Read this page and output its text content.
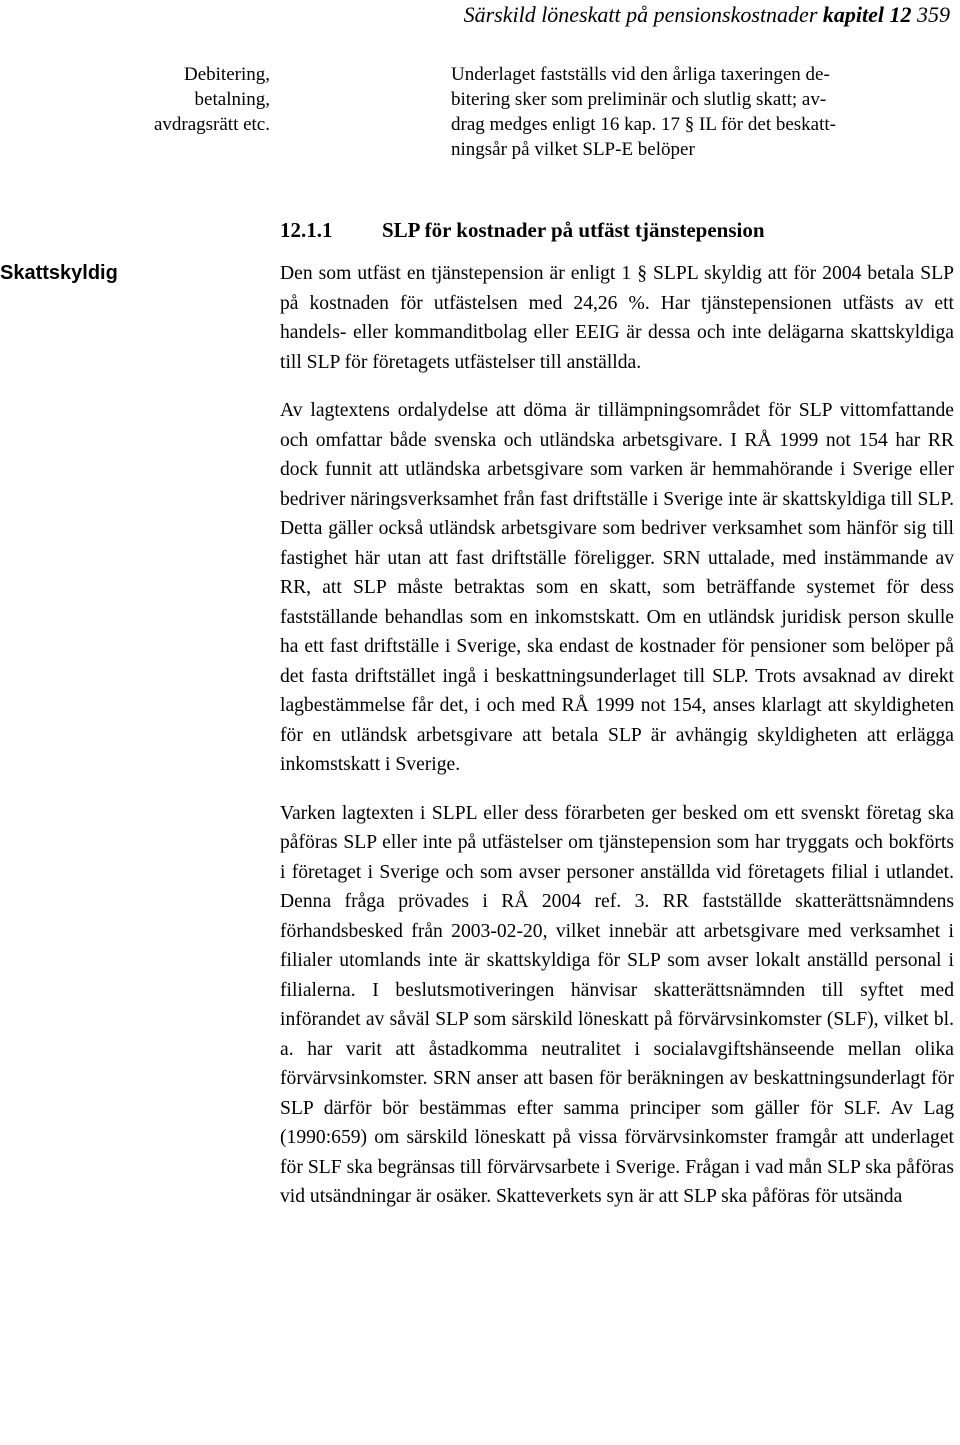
Särskild löneskatt på pensionskostnader kapitel 12 359
Debitering,
betalning,
avdragsrätt etc.
Underlaget fastställs vid den årliga taxeringen de-
bitering sker som preliminär och slutlig skatt; av-
drag medges enligt 16 kap. 17 § IL för det beskatt-
ningsår på vilket SLP-E belöper
12.1.1 SLP för kostnader på utfäst tjänstepension
Skattskyldig	Den som utfäst en tjänstepension är enligt 1 § SLPL skyldig att för 2004 betala SLP på kostnaden för utfästelsen med 24,26 %. Har tjänstepensionen utfästs av ett handels- eller kommanditbolag eller EEIG är dessa och inte delägarna skattskyldiga till SLP för företagets utfästelser till anställda.

Av lagtextens ordalydelse att döma är tillämpningsområdet för SLP vittomfattande och omfattar både svenska och utländska arbetsgivare. I RÅ 1999 not 154 har RR dock funnit att utländska arbetsgivare som varken är hemmahörande i Sverige eller bedriver näringsverksamhet från fast driftställe i Sverige inte är skattskyldiga till SLP. Detta gäller också utländsk arbetsgivare som bedriver verksamhet som hänför sig till fastighet här utan att fast driftställe föreligger. SRN uttalade, med instämmande av RR, att SLP måste betraktas som en skatt, som beträffande systemet för dess fastställande behandlas som en inkomstskatt. Om en utländsk juridisk person skulle ha ett fast driftställe i Sverige, ska endast de kostnader för pensioner som belöper på det fasta driftstället ingå i beskattningsunderlaget till SLP. Trots avsaknad av direkt lagbestämmelse får det, i och med RÅ 1999 not 154, anses klarlagt att skyldigheten för en utländsk arbetsgivare att betala SLP är avhängig skyldigheten att erlägga inkomstskatt i Sverige.

Varken lagtexten i SLPL eller dess förarbeten ger besked om ett svenskt företag ska påföras SLP eller inte på utfästelser om tjänstepension som har tryggats och bokförts i företaget i Sverige och som avser personer anställda vid företagets filial i utlandet. Denna fråga prövades i RÅ 2004 ref. 3. RR fastställde skatterättsnämndens förhandsbesked från 2003-02-20, vilket innebär att arbetsgivare med verksamhet i filialer utomlands inte är skattskyldiga för SLP som avser lokalt anställd personal i filialerna. I beslutsmotiveringen hänvisar skatterättsnämnden till syftet med införandet av såväl SLP som särskild löneskatt på förvärvsinkomster (SLF), vilket bl. a. har varit att åstadkomma neutralitet i socialavgiftshänseende mellan olika förvärvsinkomster. SRN anser att basen för beräkningen av beskattningsunderlagt för SLP därför bör bestämmas efter samma principer som gäller för SLF. Av Lag (1990:659) om särskild löneskatt på vissa förvärvsinkomster framgår att underlaget för SLF ska begränsas till förvärvsarbete i Sverige. Frågan i vad mån SLP ska påföras vid utsändningar är osäker. Skatteverkets syn är att SLP ska påföras för utsända
